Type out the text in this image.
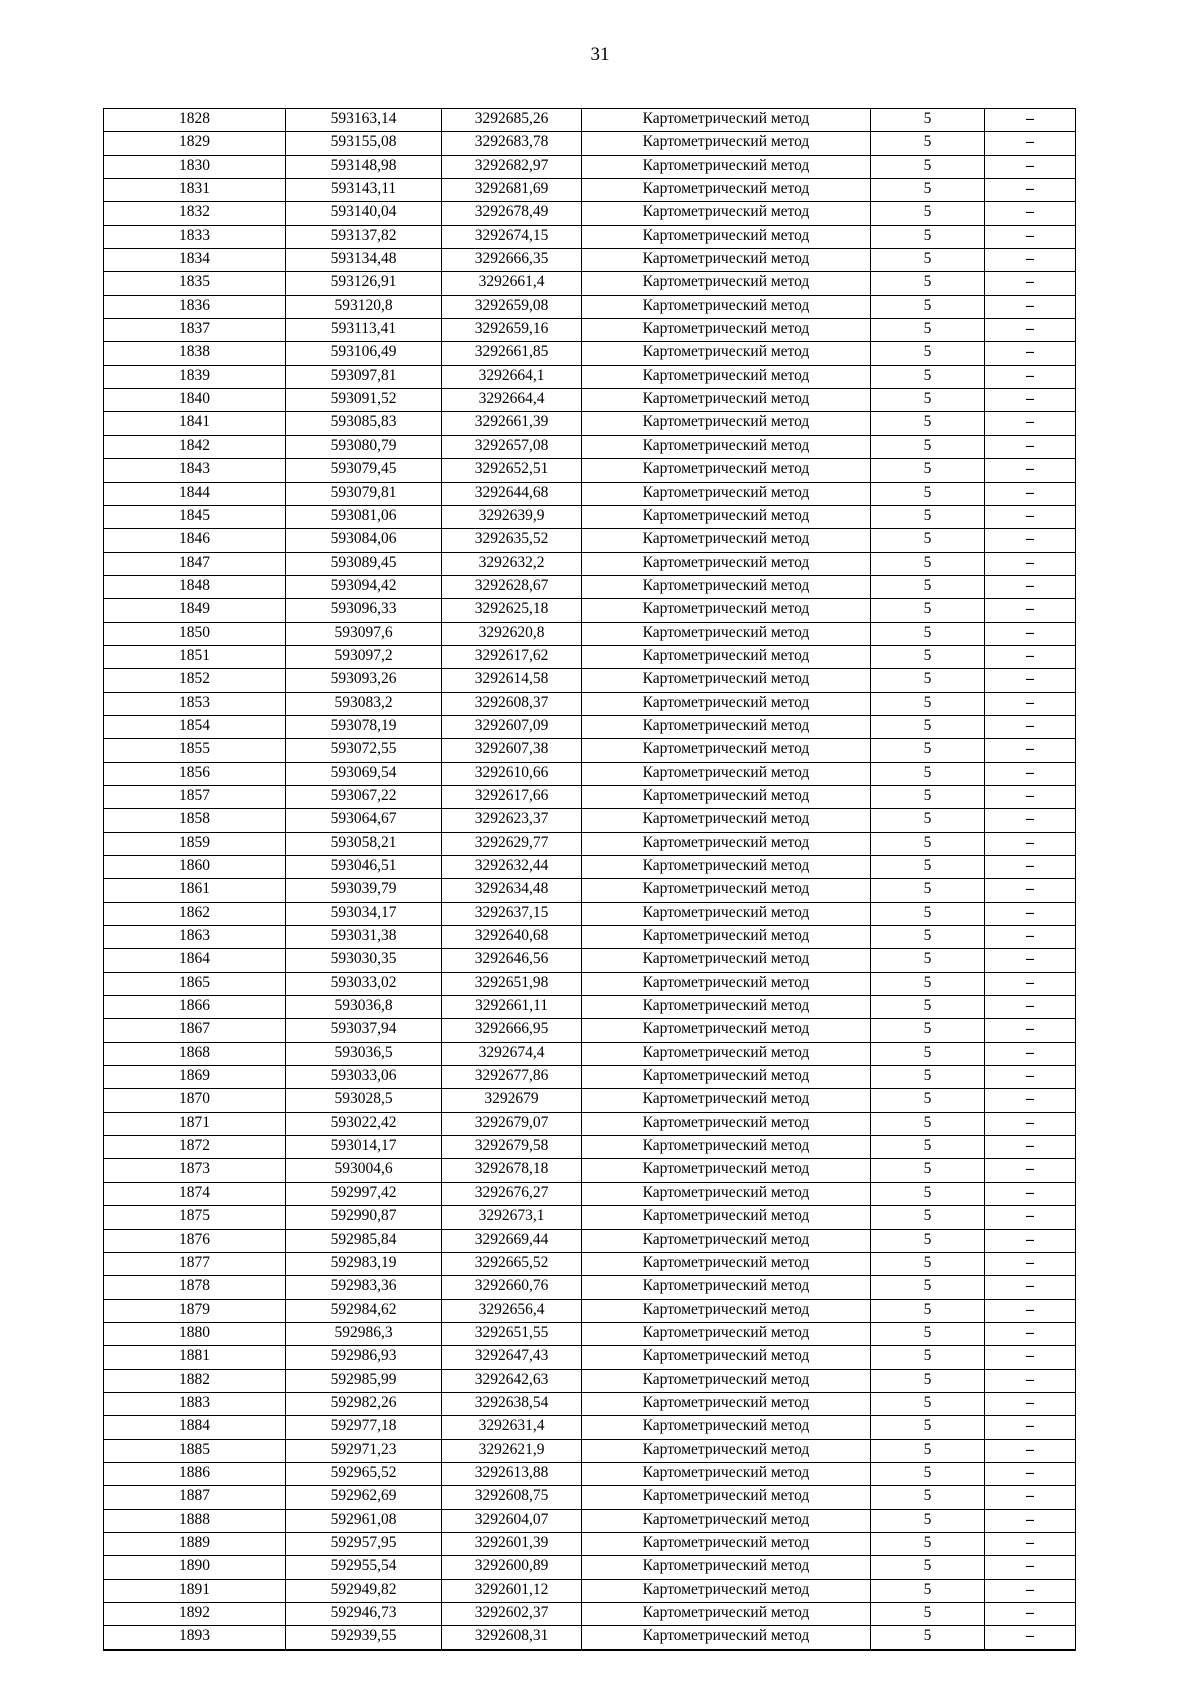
31
1828	593163,14	3292685,26	Картометрический метод	5	–
1829	593155,08	3292683,78	Картометрический метод	5	–
1830	593148,98	3292682,97	Картометрический метод	5	–
1831	593143,11	3292681,69	Картометрический метод	5	–
1832	593140,04	3292678,49	Картометрический метод	5	–
1833	593137,82	3292674,15	Картометрический метод	5	–
1834	593134,48	3292666,35	Картометрический метод	5	–
1835	593126,91	3292661,4	Картометрический метод	5	–
1836	593120,8	3292659,08	Картометрический метод	5	–
1837	593113,41	3292659,16	Картометрический метод	5	–
1838	593106,49	3292661,85	Картометрический метод	5	–
1839	593097,81	3292664,1	Картометрический метод	5	–
1840	593091,52	3292664,4	Картометрический метод	5	–
1841	593085,83	3292661,39	Картометрический метод	5	–
1842	593080,79	3292657,08	Картометрический метод	5	–
1843	593079,45	3292652,51	Картометрический метод	5	–
1844	593079,81	3292644,68	Картометрический метод	5	–
1845	593081,06	3292639,9	Картометрический метод	5	–
1846	593084,06	3292635,52	Картометрический метод	5	–
1847	593089,45	3292632,2	Картометрический метод	5	–
1848	593094,42	3292628,67	Картометрический метод	5	–
1849	593096,33	3292625,18	Картометрический метод	5	–
1850	593097,6	3292620,8	Картометрический метод	5	–
1851	593097,2	3292617,62	Картометрический метод	5	–
1852	593093,26	3292614,58	Картометрический метод	5	–
1853	593083,2	3292608,37	Картометрический метод	5	–
1854	593078,19	3292607,09	Картометрический метод	5	–
1855	593072,55	3292607,38	Картометрический метод	5	–
1856	593069,54	3292610,66	Картометрический метод	5	–
1857	593067,22	3292617,66	Картометрический метод	5	–
1858	593064,67	3292623,37	Картометрический метод	5	–
1859	593058,21	3292629,77	Картометрический метод	5	–
1860	593046,51	3292632,44	Картометрический метод	5	–
1861	593039,79	3292634,48	Картометрический метод	5	–
1862	593034,17	3292637,15	Картометрический метод	5	–
1863	593031,38	3292640,68	Картометрический метод	5	–
1864	593030,35	3292646,56	Картометрический метод	5	–
1865	593033,02	3292651,98	Картометрический метод	5	–
1866	593036,8	3292661,11	Картометрический метод	5	–
1867	593037,94	3292666,95	Картометрический метод	5	–
1868	593036,5	3292674,4	Картометрический метод	5	–
1869	593033,06	3292677,86	Картометрический метод	5	–
1870	593028,5	3292679	Картометрический метод	5	–
1871	593022,42	3292679,07	Картометрический метод	5	–
1872	593014,17	3292679,58	Картометрический метод	5	–
1873	593004,6	3292678,18	Картометрический метод	5	–
1874	592997,42	3292676,27	Картометрический метод	5	–
1875	592990,87	3292673,1	Картометрический метод	5	–
1876	592985,84	3292669,44	Картометрический метод	5	–
1877	592983,19	3292665,52	Картометрический метод	5	–
1878	592983,36	3292660,76	Картометрический метод	5	–
1879	592984,62	3292656,4	Картометрический метод	5	–
1880	592986,3	3292651,55	Картометрический метод	5	–
1881	592986,93	3292647,43	Картометрический метод	5	–
1882	592985,99	3292642,63	Картометрический метод	5	–
1883	592982,26	3292638,54	Картометрический метод	5	–
1884	592977,18	3292631,4	Картометрический метод	5	–
1885	592971,23	3292621,9	Картометрический метод	5	–
1886	592965,52	3292613,88	Картометрический метод	5	–
1887	592962,69	3292608,75	Картометрический метод	5	–
1888	592961,08	3292604,07	Картометрический метод	5	–
1889	592957,95	3292601,39	Картометрический метод	5	–
1890	592955,54	3292600,89	Картометрический метод	5	–
1891	592949,82	3292601,12	Картометрический метод	5	–
1892	592946,73	3292602,37	Картометрический метод	5	–
1893	592939,55	3292608,31	Картометрический метод	5	–
